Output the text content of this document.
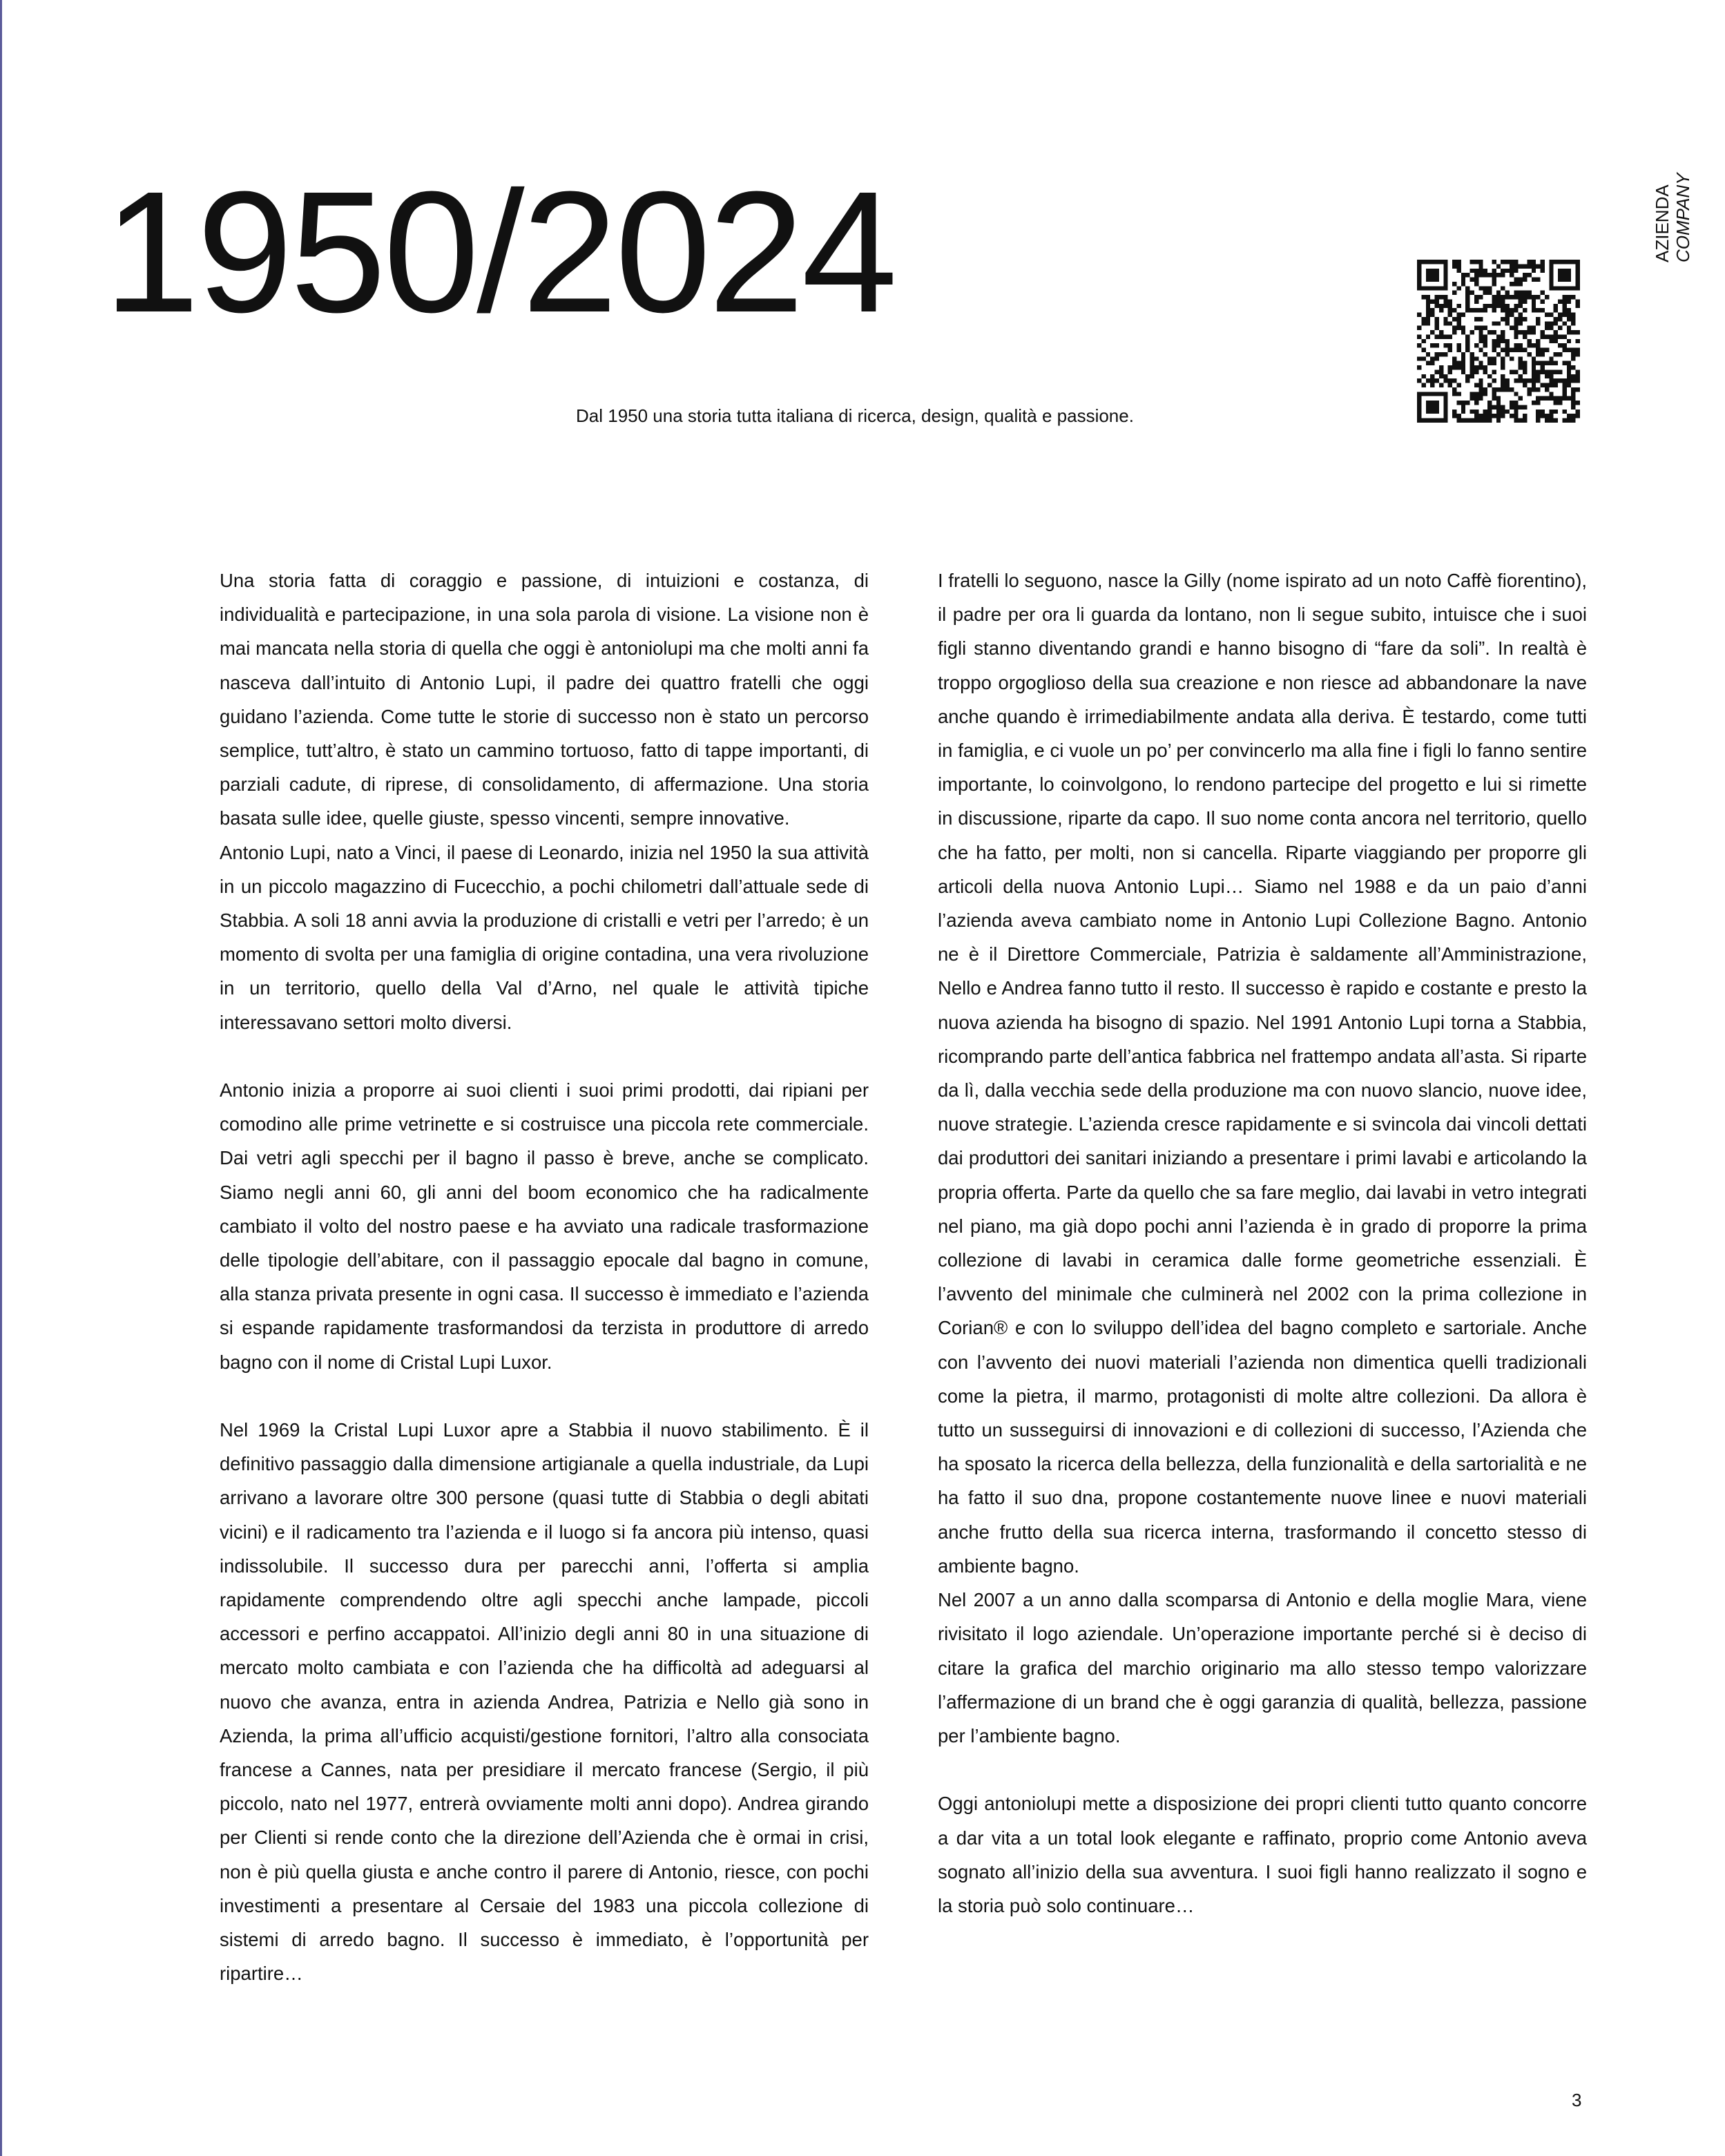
1950/2024
Dal 1950 una storia tutta italiana di ricerca, design, qualità e passione.
AZIENDA COMPANY

Una storia fatta di coraggio e passione, di intuizioni e costanza, di individualità e partecipazione, in una sola parola di visione. La visione non è mai mancata nella storia di quella che oggi è antoniolupi ma che molti anni fa nasceva dall’intuito di Antonio Lupi, il padre dei quattro fratelli che oggi guidano l’azienda. Come tutte le storie di successo non è stato un percorso semplice, tutt’altro, è stato un cammino tortuoso, fatto di tappe importanti, di parziali cadute, di riprese, di consolidamento, di affermazione. Una storia basata sulle idee, quelle giuste, spesso vincenti, sempre innovative.

Antonio Lupi, nato a Vinci, il paese di Leonardo, inizia nel 1950 la sua attività in un piccolo magazzino di Fucecchio, a pochi chilometri dall’attuale sede di Stabbia. A soli 18 anni avvia la produzione di cristalli e vetri per l’arredo; è un momento di svolta per una famiglia di origine contadina, una vera rivoluzione in un territorio, quello della Val d’Arno, nel quale le attività tipiche interessavano settori molto diversi.

Antonio inizia a proporre ai suoi clienti i suoi primi prodotti, dai ripiani per comodino alle prime vetrinette e si costruisce una piccola rete commerciale. Dai vetri agli specchi per il bagno il passo è breve, anche se complicato. Siamo negli anni 60, gli anni del boom economico che ha radicalmente cambiato il volto del nostro paese e ha avviato una radicale trasformazione delle tipologie dell’abitare, con il passaggio epocale dal bagno in comune, alla stanza privata presente in ogni casa. Il successo è immediato e l’azienda si espande rapidamente trasformandosi da terzista in produttore di arredo bagno con il nome di Cristal Lupi Luxor.

Nel 1969 la Cristal Lupi Luxor apre a Stabbia il nuovo stabilimento. È il definitivo passaggio dalla dimensione artigianale a quella industriale, da Lupi arrivano a lavorare oltre 300 persone (quasi tutte di Stabbia o degli abitati vicini) e il radicamento tra l’azienda e il luogo si fa ancora più intenso, quasi indissolubile. Il successo dura per parecchi anni, l’offerta si amplia rapidamente comprendendo oltre agli specchi anche lampade, piccoli accessori e perfino accappatoi. All’inizio degli anni 80 in una situazione di mercato molto cambiata e con l’azienda che ha difficoltà ad adeguarsi al nuovo che avanza, entra in azienda Andrea, Patrizia e Nello già sono in Azienda, la prima all’ufficio acquisti/gestione fornitori, l’altro alla consociata francese a Cannes, nata per presidiare il mercato francese (Sergio, il più piccolo, nato nel 1977, entrerà ovviamente molti anni dopo). Andrea girando per Clienti si rende conto che la direzione dell’Azienda che è ormai in crisi, non è più quella giusta e anche contro il parere di Antonio, riesce, con pochi investimenti a presentare al Cersaie del 1983 una piccola collezione di sistemi di arredo bagno. Il successo è immediato, è l’opportunità per ripartire…

I fratelli lo seguono, nasce la Gilly (nome ispirato ad un noto Caffè fiorentino), il padre per ora li guarda da lontano, non li segue subito, intuisce che i suoi figli stanno diventando grandi e hanno bisogno di “fare da soli”. In realtà è troppo orgoglioso della sua creazione e non riesce ad abbandonare la nave anche quando è irrimediabilmente andata alla deriva. È testardo, come tutti in famiglia, e ci vuole un po’ per convincerlo ma alla fine i figli lo fanno sentire importante, lo coinvolgono, lo rendono partecipe del progetto e lui si rimette in discussione, riparte da capo. Il suo nome conta ancora nel territorio, quello che ha fatto, per molti, non si cancella. Riparte viaggiando per proporre gli articoli della nuova Antonio Lupi… Siamo nel 1988 e da un paio d’anni l’azienda aveva cambiato nome in Antonio Lupi Collezione Bagno. Antonio ne è il Direttore Commerciale, Patrizia è saldamente all’Amministrazione, Nello e Andrea fanno tutto il resto. Il successo è rapido e costante e presto la nuova azienda ha bisogno di spazio. Nel 1991 Antonio Lupi torna a Stabbia, ricomprando parte dell’antica fabbrica nel frattempo andata all’asta. Si riparte da lì, dalla vecchia sede della produzione ma con nuovo slancio, nuove idee, nuove strategie. L’azienda cresce rapidamente e si svincola dai vincoli dettati dai produttori dei sanitari iniziando a presentare i primi lavabi e articolando la propria offerta. Parte da quello che sa fare meglio, dai lavabi in vetro integrati nel piano, ma già dopo pochi anni l’azienda è in grado di proporre la prima collezione di lavabi in ceramica dalle forme geometriche essenziali. È l’avvento del minimale che culminerà nel 2002 con la prima collezione in Corian® e con lo sviluppo dell’idea del bagno completo e sartoriale. Anche con l’avvento dei nuovi materiali l’azienda non dimentica quelli tradizionali come la pietra, il marmo, protagonisti di molte altre collezioni. Da allora è tutto un susseguirsi di innovazioni e di collezioni di successo, l’Azienda che ha sposato la ricerca della bellezza, della funzionalità e della sartorialità e ne ha fatto il suo dna, propone costantemente nuove linee e nuovi materiali anche frutto della sua ricerca interna, trasformando il concetto stesso di ambiente bagno.

Nel 2007 a un anno dalla scomparsa di Antonio e della moglie Mara, viene rivisitato il logo aziendale. Un’operazione importante perché si è deciso di citare la grafica del marchio originario ma allo stesso tempo valorizzare l’affermazione di un brand che è oggi garanzia di qualità, bellezza, passione per l’ambiente bagno.

Oggi antoniolupi mette a disposizione dei propri clienti tutto quanto concorre a dar vita a un total look elegante e raffinato, proprio come Antonio aveva sognato all’inizio della sua avventura. I suoi figli hanno realizzato il sogno e la storia può solo continuare…

3
